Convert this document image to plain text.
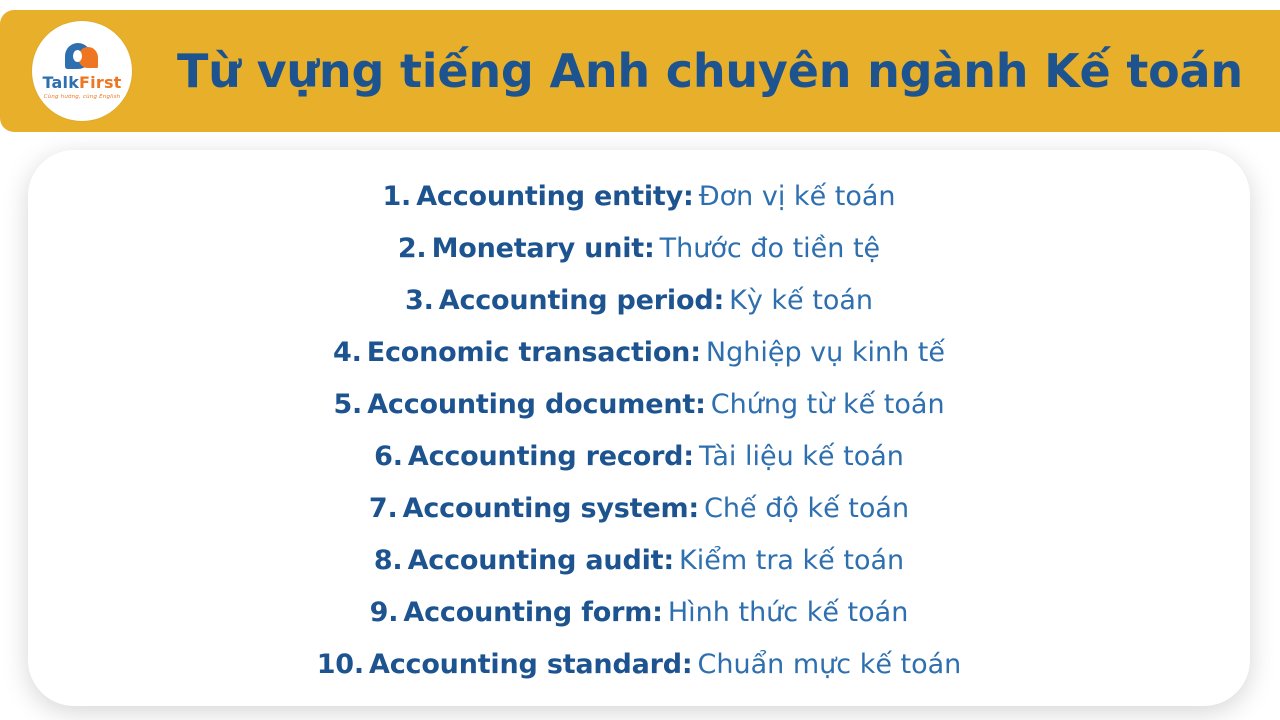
TalkFirst
Cùng hướng, cùng English	Từ vựng tiếng Anh chuyên ngành Kế toán
1. Accounting entity: Đơn vị kế toán
2. Monetary unit: Thước đo tiền tệ
3. Accounting period: Kỳ kế toán
4. Economic transaction: Nghiệp vụ kinh tế
5. Accounting document: Chứng từ kế toán
6. Accounting record: Tài liệu kế toán
7. Accounting system: Chế độ kế toán
8. Accounting audit: Kiểm tra kế toán
9. Accounting form: Hình thức kế toán
10. Accounting standard: Chuẩn mực kế toán
